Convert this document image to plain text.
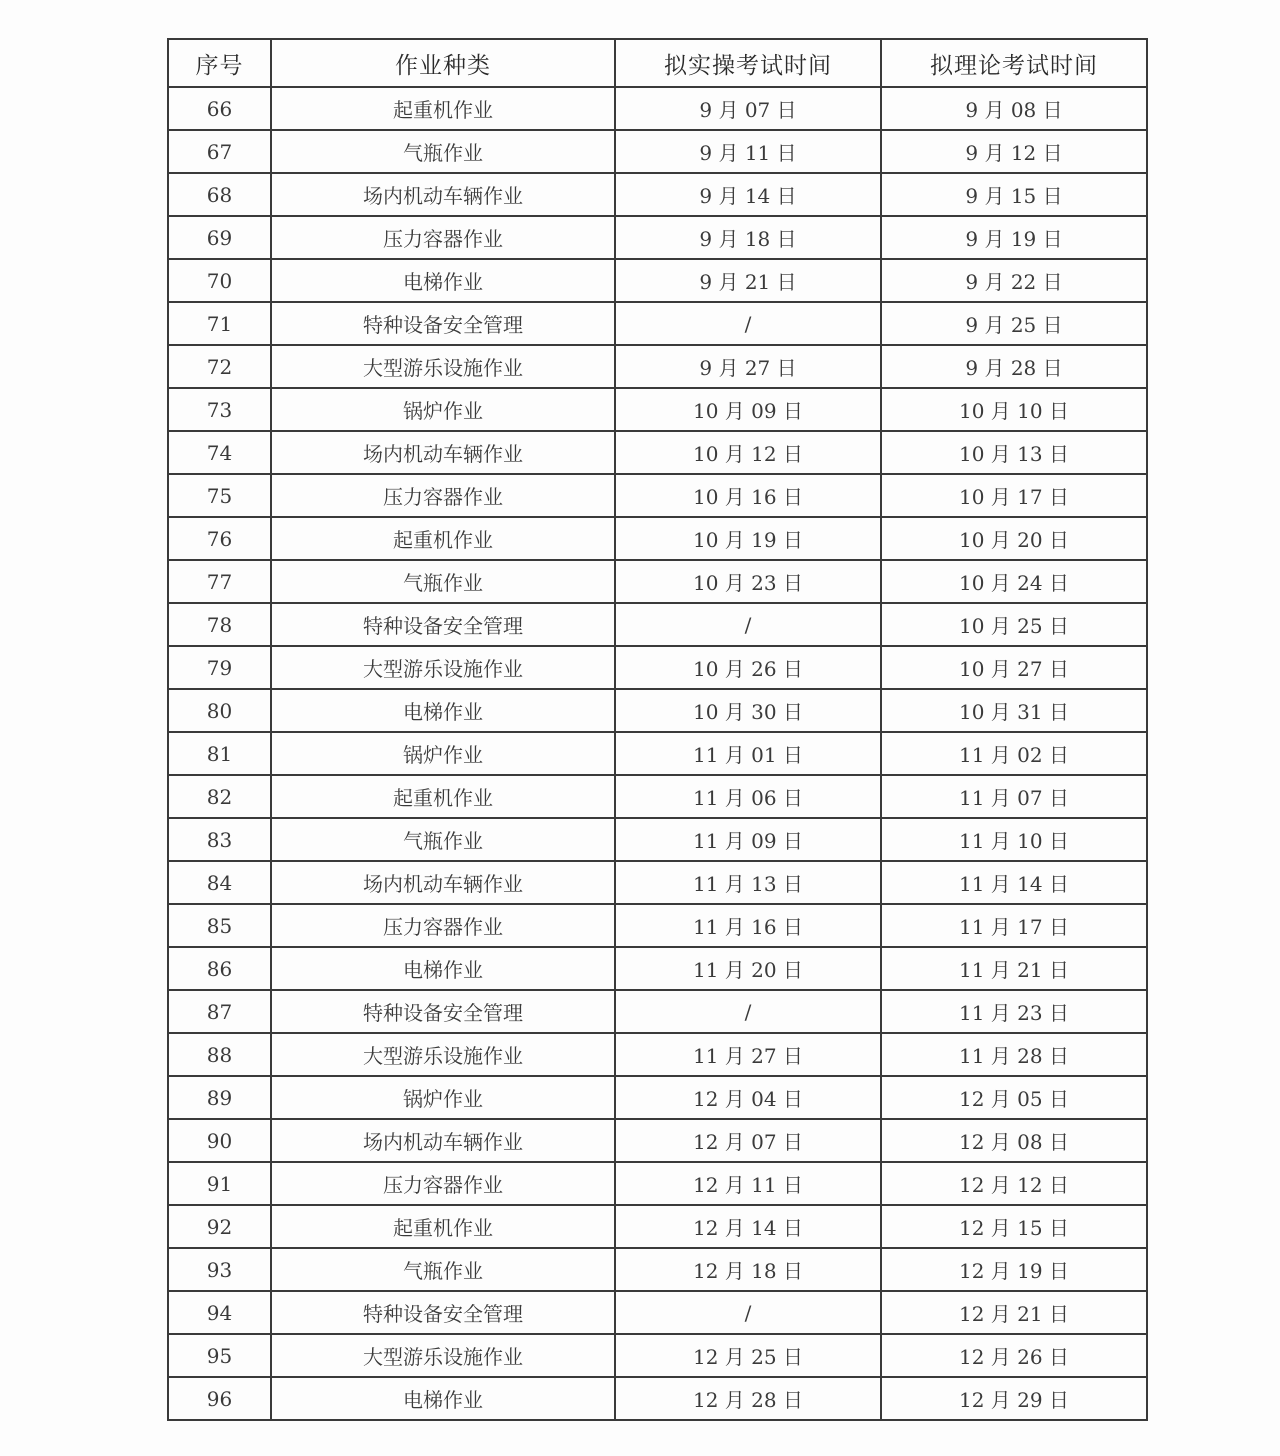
序号	作业种类	拟实操考试时间	拟理论考试时间
66	起重机作业	9 月 07 日	9 月 08 日
67	气瓶作业	9 月 11 日	9 月 12 日
68	场内机动车辆作业	9 月 14 日	9 月 15 日
69	压力容器作业	9 月 18 日	9 月 19 日
70	电梯作业	9 月 21 日	9 月 22 日
71	特种设备安全管理	/	9 月 25 日
72	大型游乐设施作业	9 月 27 日	9 月 28 日
73	锅炉作业	10 月 09 日	10 月 10 日
74	场内机动车辆作业	10 月 12 日	10 月 13 日
75	压力容器作业	10 月 16 日	10 月 17 日
76	起重机作业	10 月 19 日	10 月 20 日
77	气瓶作业	10 月 23 日	10 月 24 日
78	特种设备安全管理	/	10 月 25 日
79	大型游乐设施作业	10 月 26 日	10 月 27 日
80	电梯作业	10 月 30 日	10 月 31 日
81	锅炉作业	11 月 01 日	11 月 02 日
82	起重机作业	11 月 06 日	11 月 07 日
83	气瓶作业	11 月 09 日	11 月 10 日
84	场内机动车辆作业	11 月 13 日	11 月 14 日
85	压力容器作业	11 月 16 日	11 月 17 日
86	电梯作业	11 月 20 日	11 月 21 日
87	特种设备安全管理	/	11 月 23 日
88	大型游乐设施作业	11 月 27 日	11 月 28 日
89	锅炉作业	12 月 04 日	12 月 05 日
90	场内机动车辆作业	12 月 07 日	12 月 08 日
91	压力容器作业	12 月 11 日	12 月 12 日
92	起重机作业	12 月 14 日	12 月 15 日
93	气瓶作业	12 月 18 日	12 月 19 日
94	特种设备安全管理	/	12 月 21 日
95	大型游乐设施作业	12 月 25 日	12 月 26 日
96	电梯作业	12 月 28 日	12 月 29 日
